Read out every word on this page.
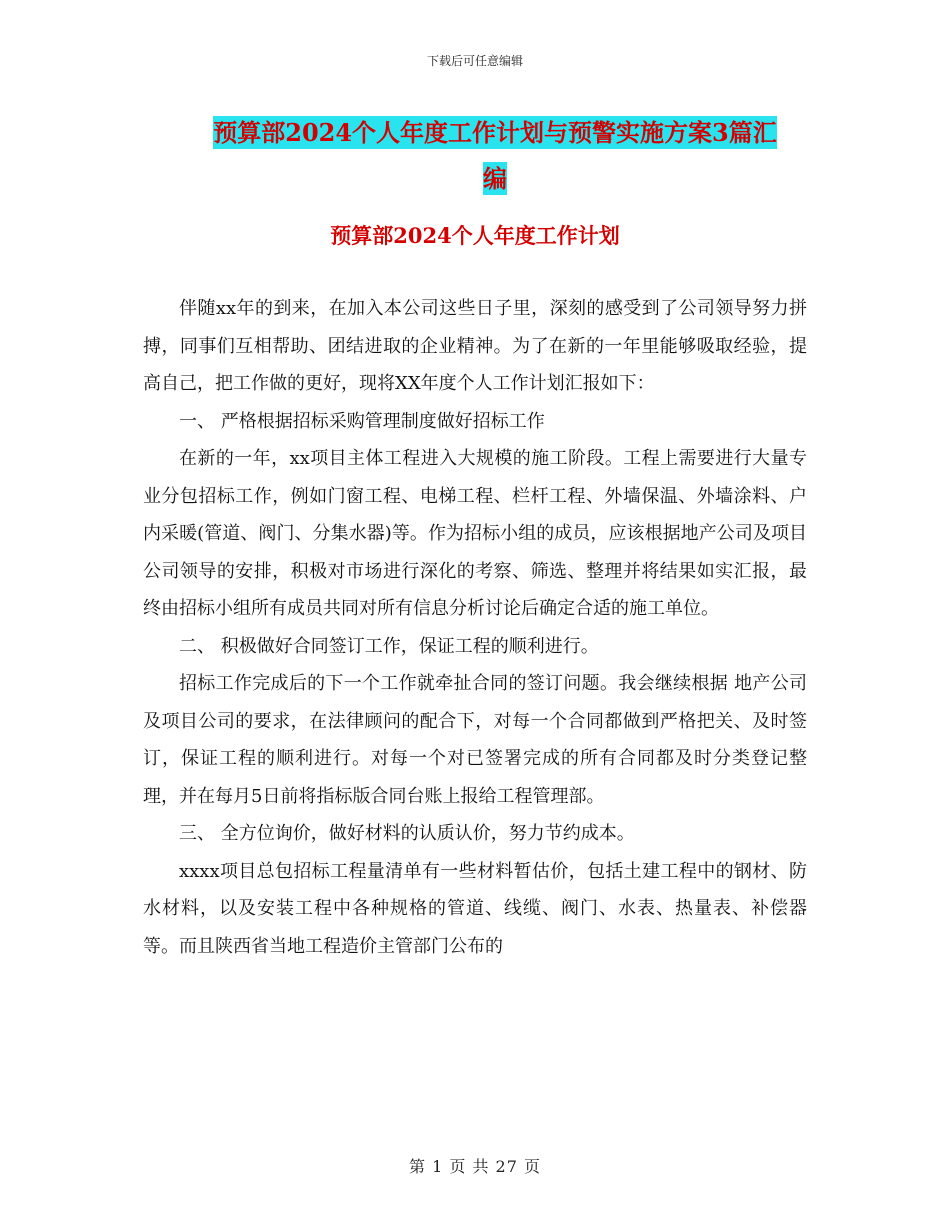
下载后可任意编辑
预算部2024个人年度工作计划与预警实施方案3篇汇
编
预算部2024个人年度工作计划

伴随xx年的到来，在加入本公司这些日子里，深刻的感受到了公司领导努力拼搏，同事们互相帮助、团结进取的企业精神。为了在新的一年里能够吸取经验，提高自己，把工作做的更好，现将XX年度个人工作计划汇报如下：

一、 严格根据招标采购管理制度做好招标工作

在新的一年，xx项目主体工程进入大规模的施工阶段。工程上需要进行大量专业分包招标工作，例如门窗工程、电梯工程、栏杆工程、外墙保温、外墙涂料、户内采暖(管道、阀门、分集水器)等。作为招标小组的成员，应该根据地产公司及项目公司领导的安排，积极对市场进行深化的考察、筛选、整理并将结果如实汇报，最终由招标小组所有成员共同对所有信息分析讨论后确定合适的施工单位。

二、 积极做好合同签订工作，保证工程的顺利进行。

招标工作完成后的下一个工作就牵扯合同的签订问题。我会继续根据 地产公司及项目公司的要求，在法律顾问的配合下，对每一个合同都做到严格把关、及时签订，保证工程的顺利进行。对每一个对已签署完成的所有合同都及时分类登记整理，并在每月5日前将指标版合同台账上报给工程管理部。

三、 全方位询价，做好材料的认质认价，努力节约成本。

xxxx项目总包招标工程量清单有一些材料暂估价，包括土建工程中的钢材、防水材料，以及安装工程中各种规格的管道、线缆、阀门、水表、热量表、补偿器等。而且陕西省当地工程造价主管部门公布的

第 1 页 共 27 页
